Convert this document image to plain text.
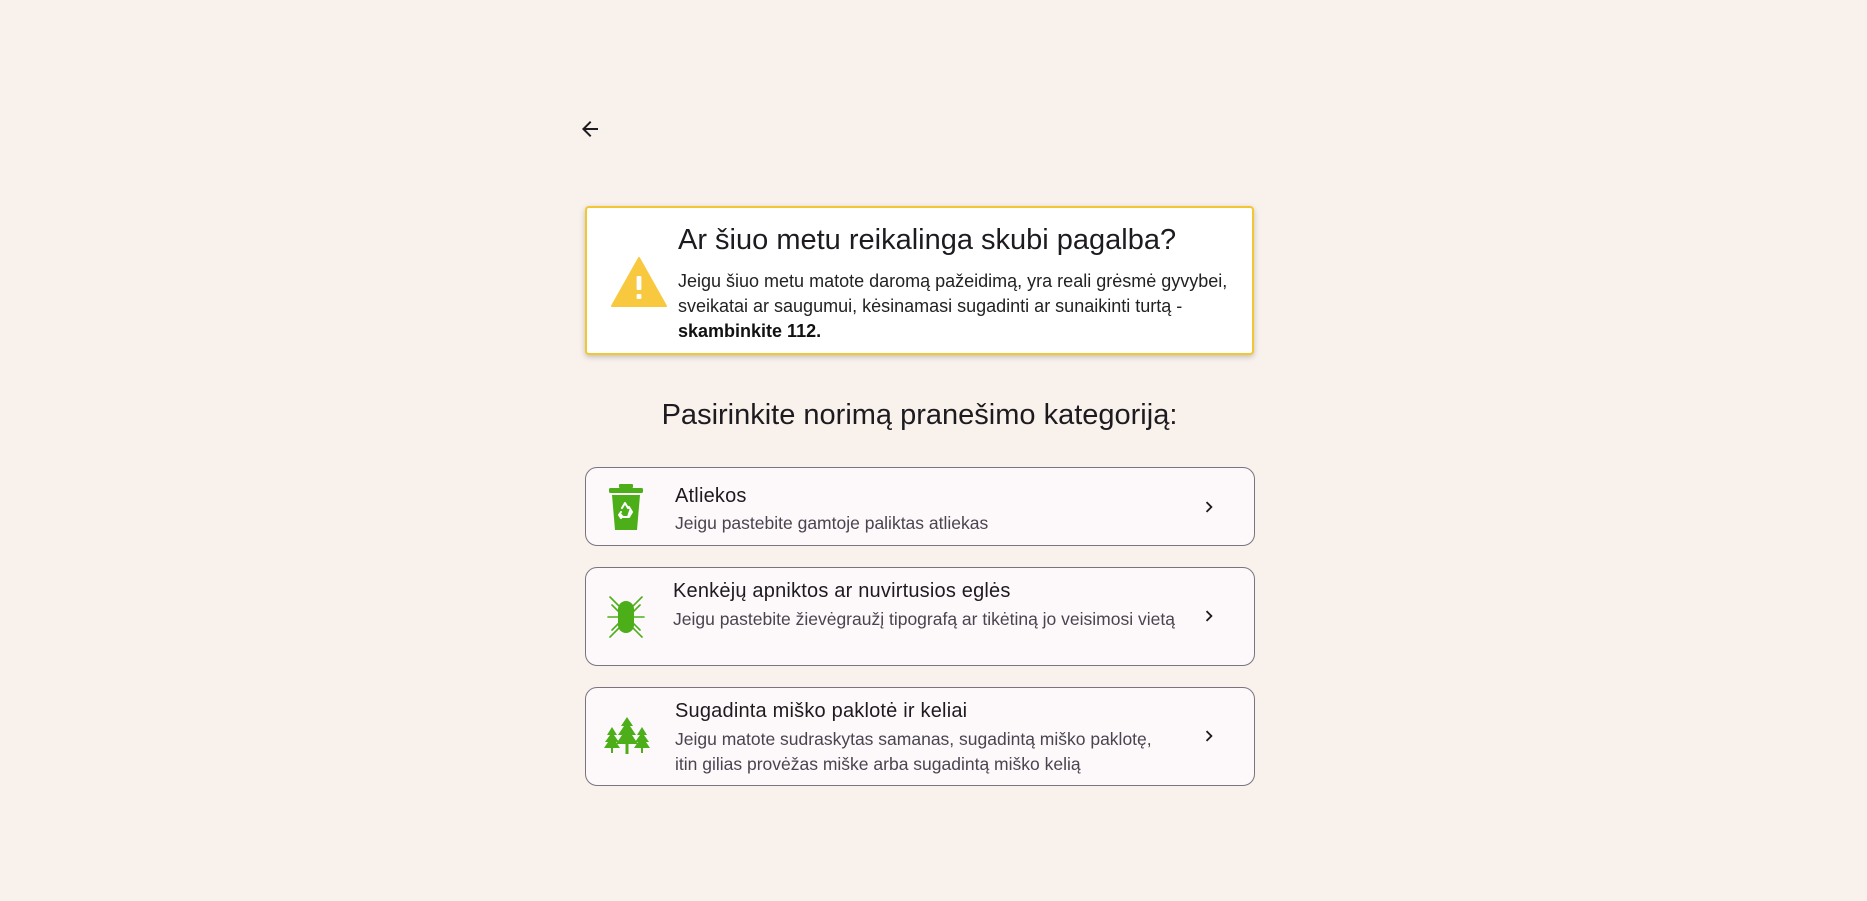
Ar šiuo metu reikalinga skubi pagalba?
Jeigu šiuo metu matote daromą pažeidimą, yra reali grėsmė gyvybei, sveikatai ar saugumui, kėsinamasi sugadinti ar sunaikinti turtą - skambinkite 112.
Pasirinkite norimą pranešimo kategoriją:
Atliekos
Jeigu pastebite gamtoje paliktas atliekas
Kenkėjų apniktos ar nuvirtusios eglės
Jeigu pastebite žievėgraužį tipografą ar tikėtiną jo veisimosi vietą
Sugadinta miško paklotė ir keliai
Jeigu matote sudraskytas samanas, sugadintą miško paklotę, itin gilias provėžas miške arba sugadintą miško kelią
